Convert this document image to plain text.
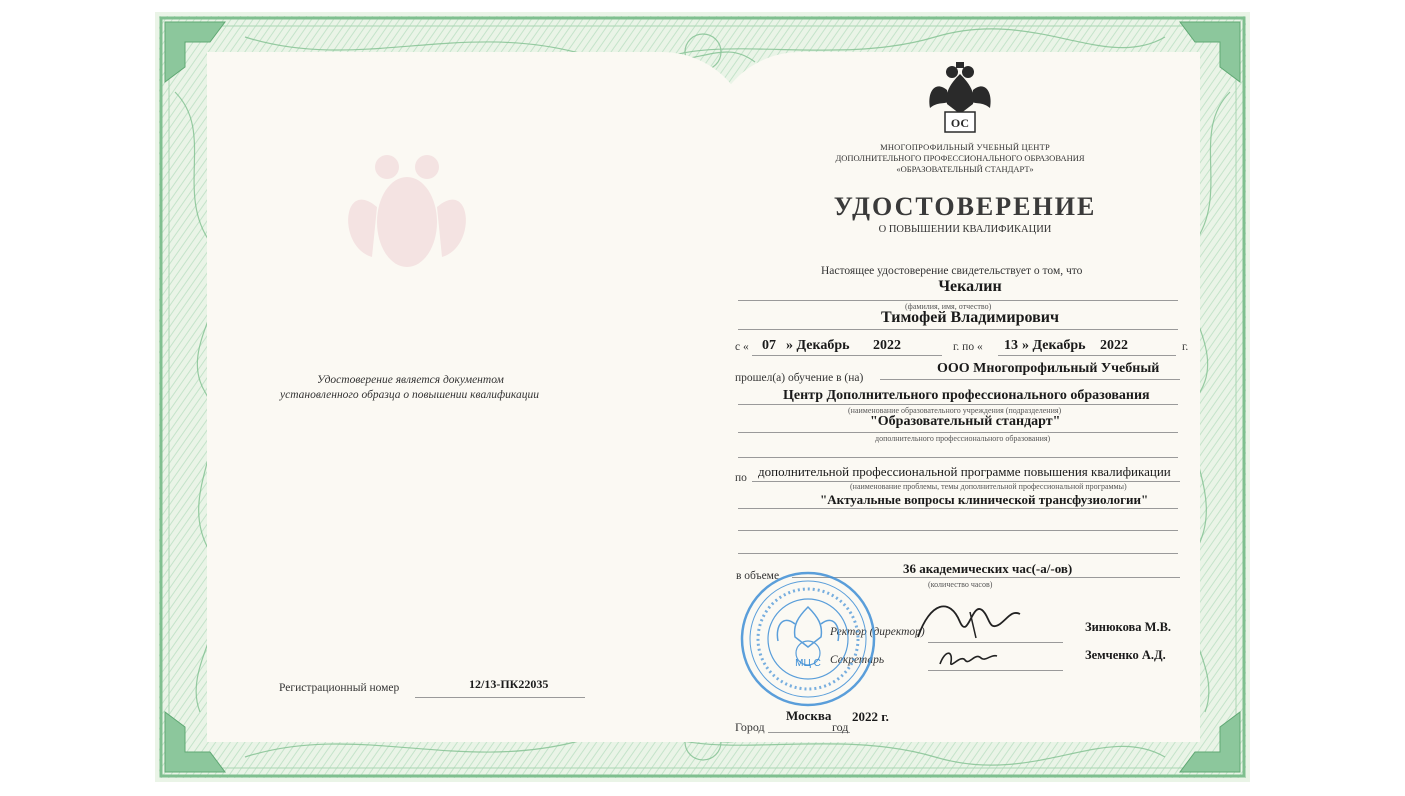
Удостоверение является документом
установленного образца о повышении квалификации
Регистрационный номер	12/13-ПК22035
ОС
МНОГОПРОФИЛЬНЫЙ УЧЕБНЫЙ ЦЕНТР
ДОПОЛНИТЕЛЬНОГО ПРОФЕССИОНАЛЬНОГО ОБРАЗОВАНИЯ
«ОБРАЗОВАТЕЛЬНЫЙ СТАНДАРТ»
УДОСТОВЕРЕНИЕ
О ПОВЫШЕНИИ КВАЛИФИКАЦИИ
Настоящее удостоверение свидетельствует о том, что
Чекалин
(фамилия, имя, отчество)
Тимофей Владимирович
с « 07 » Декабрь 2022	г. по « 13 » Декабрь 2022	г.
прошел(а) обучение в (на)
ООО Многопрофильный Учебный
Центр Дополнительного профессионального образования
(наименование образовательного учреждения (подразделения)
"Образовательный стандарт"
дополнительного профессионального образования)
по дополнительной профессиональной программе повышения квалификации
(наименование проблемы, темы дополнительной профессиональной программы)
"Актуальные вопросы клинической трансфузиологии"
в объеме	36 академических час(-а/-ов)
(количество часов)
Ректор (директор)	Зинюкова М.В.
Секретарь	Земченко А.Д.
МЦ С
Город
Москва
год
2022 г.
